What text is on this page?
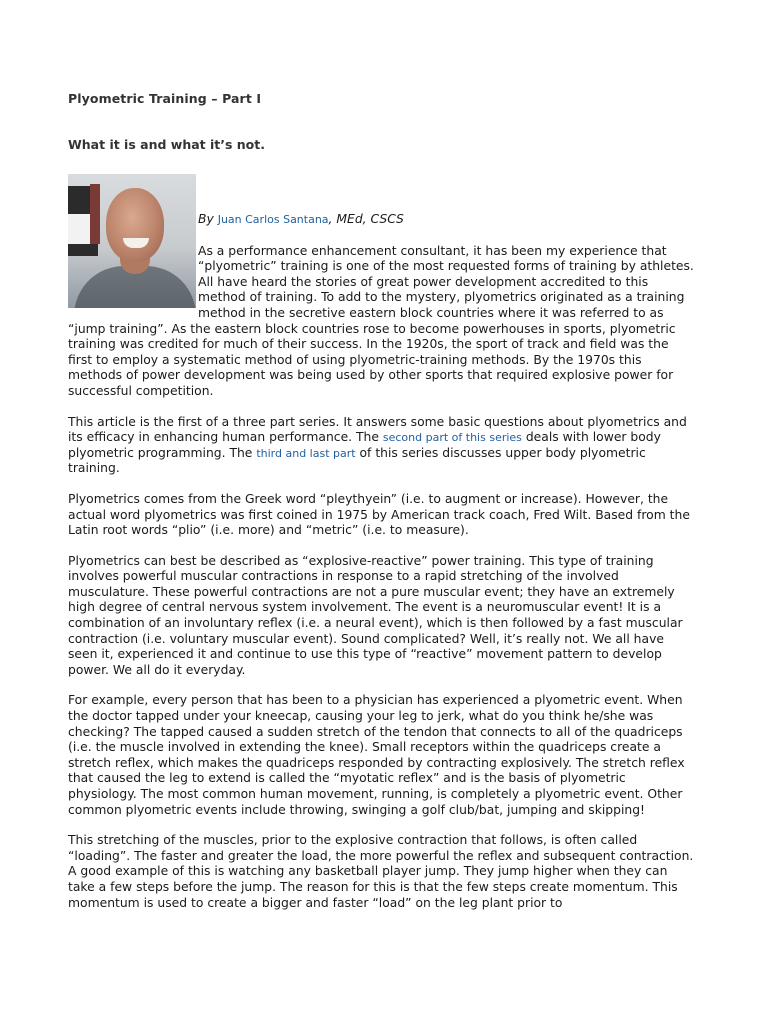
Plyometric Training – Part I
What it is and what it’s not.
By Juan Carlos Santana, MEd, CSCS

As a performance enhancement consultant, it has been my experience that “plyometric” training is one of the most requested forms of training by athletes. All have heard the stories of great power development accredited to this method of training. To add to the mystery, plyometrics originated as a training method in the secretive eastern block countries where it was referred to as “jump training”. As the eastern block countries rose to become powerhouses in sports, plyometric training was credited for much of their success. In the 1920s, the sport of track and field was the first to employ a systematic method of using plyometric-training methods. By the 1970s this methods of power development was being used by other sports that required explosive power for successful competition.

This article is the first of a three part series. It answers some basic questions about plyometrics and its efficacy in enhancing human performance. The second part of this series deals with lower body plyometric programming. The third and last part of this series discusses upper body plyometric training.

Plyometrics comes from the Greek word “pleythyein” (i.e. to augment or increase). However, the actual word plyometrics was first coined in 1975 by American track coach, Fred Wilt. Based from the Latin root words “plio” (i.e. more) and “metric” (i.e. to measure).

Plyometrics can best be described as “explosive-reactive” power training. This type of training involves powerful muscular contractions in response to a rapid stretching of the involved musculature. These powerful contractions are not a pure muscular event; they have an extremely high degree of central nervous system involvement. The event is a neuromuscular event! It is a combination of an involuntary reflex (i.e. a neural event), which is then followed by a fast muscular contraction (i.e. voluntary muscular event). Sound complicated? Well, it’s really not. We all have seen it, experienced it and continue to use this type of “reactive” movement pattern to develop power. We all do it everyday.

For example, every person that has been to a physician has experienced a plyometric event. When the doctor tapped under your kneecap, causing your leg to jerk, what do you think he/she was checking? The tapped caused a sudden stretch of the tendon that connects to all of the quadriceps (i.e. the muscle involved in extending the knee). Small receptors within the quadriceps create a stretch reflex, which makes the quadriceps responded by contracting explosively. The stretch reflex that caused the leg to extend is called the “myotatic reflex” and is the basis of plyometric physiology. The most common human movement, running, is completely a plyometric event. Other common plyometric events include throwing, swinging a golf club/bat, jumping and skipping!

This stretching of the muscles, prior to the explosive contraction that follows, is often called “loading”. The faster and greater the load, the more powerful the reflex and subsequent contraction. A good example of this is watching any basketball player jump. They jump higher when they can take a few steps before the jump. The reason for this is that the few steps create momentum. This momentum is used to create a bigger and faster “load” on the leg plant prior to
